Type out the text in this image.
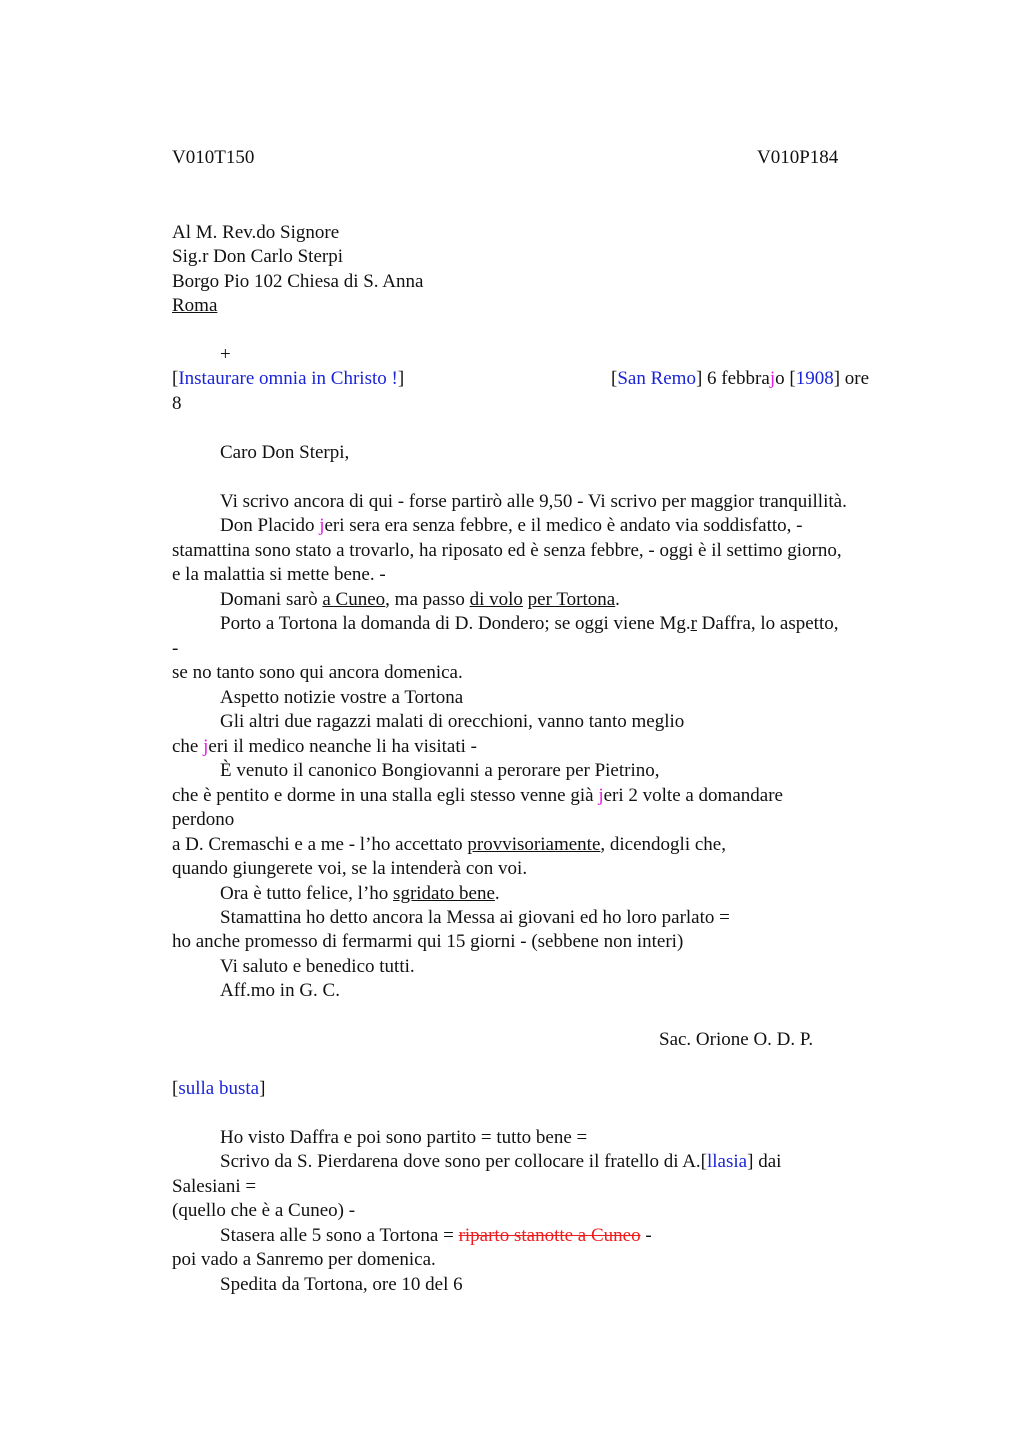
V010T150	V010P184
Al M. Rev.do Signore
Sig.r Don Carlo Sterpi
Borgo Pio 102 Chiesa di S. Anna
Roma
+
[Instaurare omnia in Christo !]	[San Remo] 6 febbrajo [1908] ore
8
Caro Don Sterpi,
Vi scrivo ancora di qui - forse partirò alle 9,50 - Vi scrivo per maggior tranquillità.
Don Placido jeri sera era senza febbre, e il medico è andato via soddisfatto, -
stamattina sono stato a trovarlo, ha riposato ed è senza febbre, - oggi è il settimo giorno,
e la malattia si mette bene. -
Domani sarò a Cuneo, ma passo di volo per Tortona.
Porto a Tortona la domanda di D. Dondero; se oggi viene Mg.r Daffra, lo aspetto,
-
se no tanto sono qui ancora domenica.
Aspetto notizie vostre a Tortona
Gli altri due ragazzi malati di orecchioni, vanno tanto meglio
che jeri il medico neanche li ha visitati -
È venuto il canonico Bongiovanni a perorare per Pietrino,
che è pentito e dorme in una stalla egli stesso venne già jeri 2 volte a domandare
perdono
a D. Cremaschi e a me - l’ho accettato provvisoriamente, dicendogli che,
quando giungerete voi, se la intenderà con voi.
Ora è tutto felice, l’ho sgridato bene.
Stamattina ho detto ancora la Messa ai giovani ed ho loro parlato =
ho anche promesso di fermarmi qui 15 giorni - (sebbene non interi)
Vi saluto e benedico tutti.
Aff.mo in G. C.
Sac. Orione O. D. P.
[sulla busta]
Ho visto Daffra e poi sono partito = tutto bene =
Scrivo da S. Pierdarena dove sono per collocare il fratello di A.[llasia] dai
Salesiani =
(quello che è a Cuneo) -
Stasera alle 5 sono a Tortona = riparto stanotte a Cuneo -
poi vado a Sanremo per domenica.
Spedita da Tortona, ore 10 del 6
